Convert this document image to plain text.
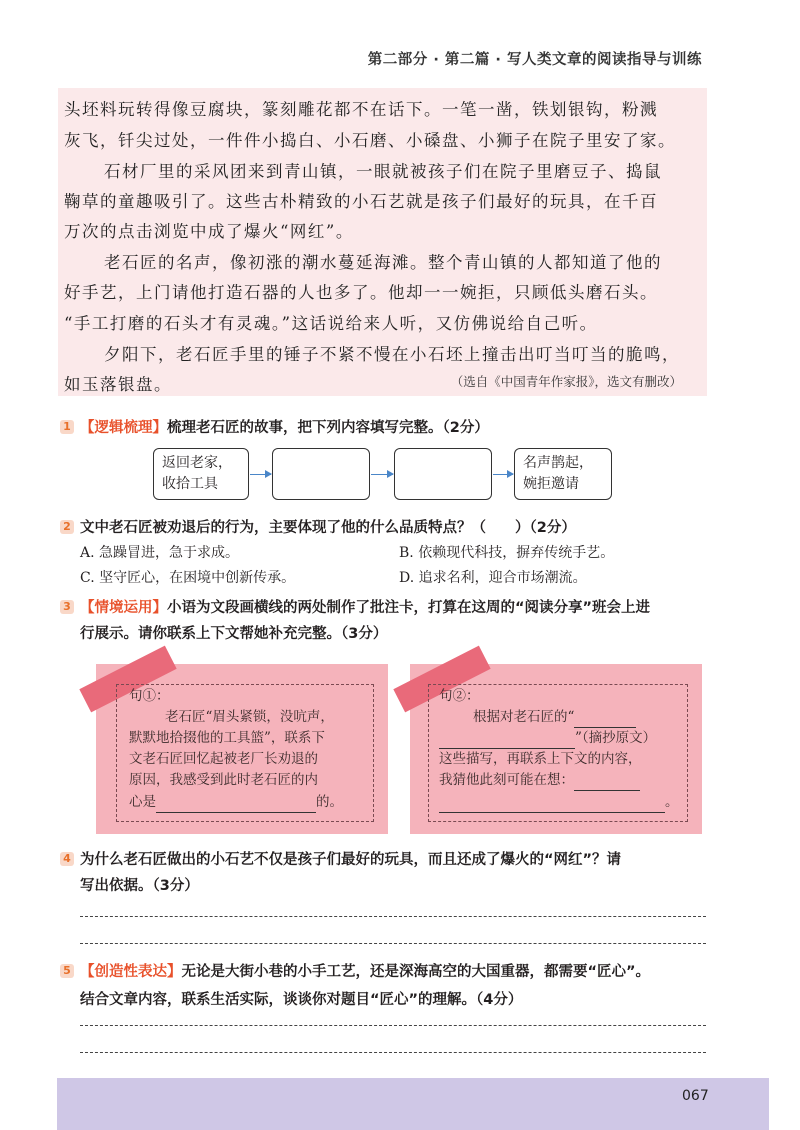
第二部分 · 第二篇 · 写人类文章的阅读指导与训练
头坯料玩转得像豆腐块，篆刻雕花都不在话下。一笔一凿，铁划银钩，粉溅
灰飞，钎尖过处，一件件小捣白、小石磨、小磉盘、小狮子在院子里安了家。
石材厂里的采风团来到青山镇，一眼就被孩子们在院子里磨豆子、捣鼠
鞠草的童趣吸引了。这些古朴精致的小石艺就是孩子们最好的玩具，在千百
万次的点击浏览中成了爆火“网红”。
老石匠的名声，像初涨的潮水蔓延海滩。整个青山镇的人都知道了他的
好手艺，上门请他打造石器的人也多了。他却一一婉拒，只顾低头磨石头。
“手工打磨的石头才有灵魂。”这话说给来人听，又仿佛说给自己听。
夕阳下，老石匠手里的锤子不紧不慢在小石坯上撞击出叮当叮当的脆鸣，
如玉落银盘。	（选自《中国青年作家报》，选文有删改）
1 【逻辑梳理】梳理老石匠的故事，把下列内容填写完整。（2分）
返回老家，
收拾工具
名声鹊起，
婉拒邀请
2 文中老石匠被劝退后的行为，主要体现了他的什么品质特点？（　　）（2分）
A. 急躁冒进，急于求成。	B. 依赖现代科技，摒弃传统手艺。
C. 坚守匠心，在困境中创新传承。	D. 追求名利，迎合市场潮流。
3 【情境运用】小语为文段画横线的两处制作了批注卡，打算在这周的“阅读分享”班会上进
行展示。请你联系上下文帮她补充完整。（3分）
句①：
老石匠“眉头紧锁，没吭声，
默默地拾掇他的工具篮”，联系下
文老石匠回忆起被老厂长劝退的
原因，我感受到此时老石匠的内
心是	的。
句②：
根据对老石匠的“
”（摘抄原文）
这些描写，再联系上下文的内容，
我猜他此刻可能在想：
。
4 为什么老石匠做出的小石艺不仅是孩子们最好的玩具，而且还成了爆火的“网红”？请
写出依据。（3分）
5 【创造性表达】无论是大街小巷的小手工艺，还是深海高空的大国重器，都需要“匠心”。
结合文章内容，联系生活实际，谈谈你对题目“匠心”的理解。（4分）
067
